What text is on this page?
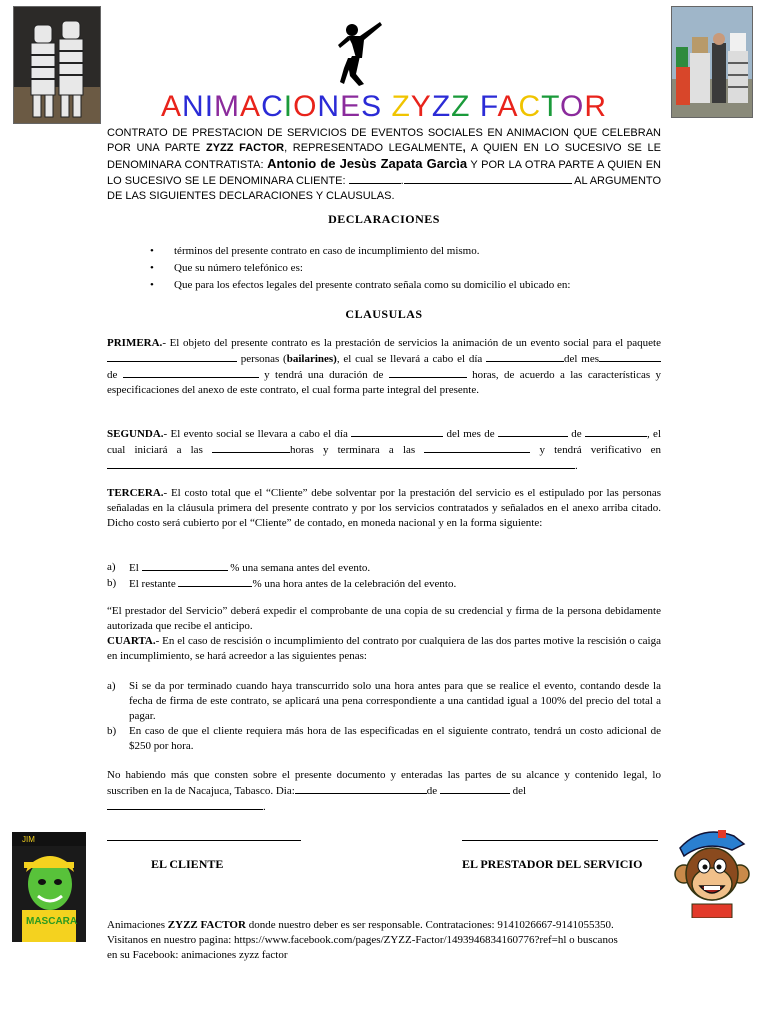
ANIMACIONES ZYZZ FACTOR
CONTRATO DE PRESTACION DE SERVICIOS DE EVENTOS SOCIALES EN ANIMACION QUE CELEBRAN POR UNA PARTE ZYZZ FACTOR, REPRESENTADO LEGALMENTE, A QUIEN EN LO SUCESIVO SE LE DENOMINARA CONTRATISTA: Antonio de Jesùs Zapata Garcìa Y POR LA OTRA PARTE A QUIEN EN LO SUCESIVO SE LE DENOMINARA CLIENTE:	.	AL ARGUMENTO DE LAS SIGUIENTES DECLARACIONES Y CLAUSULAS.
DECLARACIONES
• términos del presente contrato en caso de incumplimiento del mismo.
• Que su número telefónico es:
• Que para los efectos legales del presente contrato señala como su domicilio el ubicado en:
CLAUSULAS
PRIMERA.- El objeto del presente contrato es la prestación de servicios la animación de un evento social para el paquete  personas (bailarines), el cual se llevará a cabo el día	del mes de	y tendrá una duración de	horas, de acuerdo a las características y especificaciones del anexo de este contrato, el cual forma parte integral del presente.
SEGUNDA.- El evento social se llevara a cabo el día	del mes de	de	, el cual iniciará a las	horas y terminara a las	y tendrá verificativo en .
TERCERA.- El costo total que el “Cliente” debe solventar por la prestación del servicio es el estipulado por las personas señaladas en la cláusula primera del presente contrato y por los servicios contratados y señalados en el anexo arriba citado. Dicho costo será cubierto por el “Cliente” de contado, en moneda nacional y en la forma siguiente:
a) El	% una semana antes del evento.
b) El restante	% una hora antes de la celebración del evento.
“El prestador del Servicio” deberá expedir el comprobante de una copia de su credencial y firma de la persona debidamente autorizada que recibe el anticipo.
CUARTA.- En el caso de rescisión o incumplimiento del contrato por cualquiera de las dos partes motive la rescisión o caiga en incumplimiento, se hará acreedor a las siguientes penas:
a) Si se da por terminado cuando haya transcurrido solo una hora antes para que se realice el evento, contando desde la fecha de firma de este contrato, se aplicará una pena correspondiente a una cantidad igual a 100% del precio del total a pagar.
b) En caso de que el cliente requiera más hora de las especificadas en el siguiente contrato, tendrá un costo adicional de $250 por hora.
No habiendo más que consten sobre el presente documento y enteradas las partes de su alcance y contenido legal, lo suscriben en la de Nacajuca, Tabasco. Dia:	de	del
.
EL CLIENTE	EL PRESTADOR DEL SERVICIO
JIM
MASCARA	Animaciones ZYZZ FACTOR donde nuestro deber es ser responsable. Contrataciones: 9141026667-9141055350. Visitanos en nuestro pagina: https://www.facebook.com/pages/ZYZZ-Factor/1493946834160776?ref=hl o buscanos en su Facebook: animaciones zyzz factor
